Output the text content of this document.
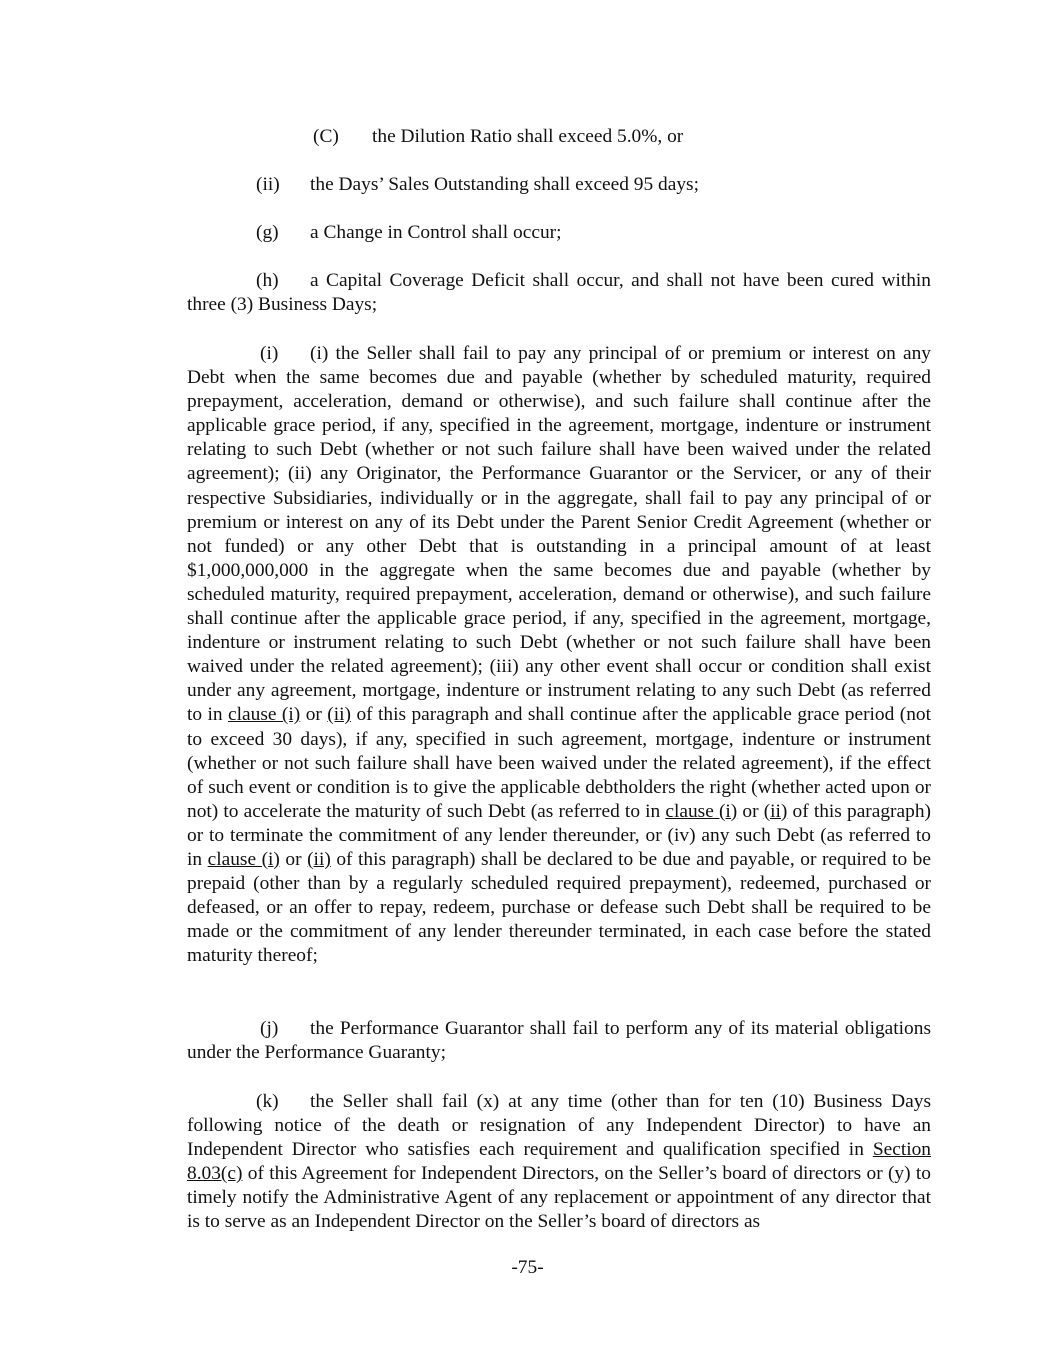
(C) the Dilution Ratio shall exceed 5.0%, or
(ii) the Days’ Sales Outstanding shall exceed 95 days;
(g) a Change in Control shall occur;

(h) a Capital Coverage Deficit shall occur, and shall not have been cured within three (3) Business Days;

(i) (i) the Seller shall fail to pay any principal of or premium or interest on any Debt when the same becomes due and payable (whether by scheduled maturity, required prepayment, acceleration, demand or otherwise), and such failure shall continue after the applicable grace period, if any, specified in the agreement, mortgage, indenture or instrument relating to such Debt (whether or not such failure shall have been waived under the related agreement); (ii) any Originator, the Performance Guarantor or the Servicer, or any of their respective Subsidiaries, individually or in the aggregate, shall fail to pay any principal of or premium or interest on any of its Debt under the Parent Senior Credit Agreement (whether or not funded) or any other Debt that is outstanding in a principal amount of at least $1,000,000,000 in the aggregate when the same becomes due and payable (whether by scheduled maturity, required prepayment, acceleration, demand or otherwise), and such failure shall continue after the applicable grace period, if any, specified in the agreement, mortgage, indenture or instrument relating to such Debt (whether or not such failure shall have been waived under the related agreement); (iii) any other event shall occur or condition shall exist under any agreement, mortgage, indenture or instrument relating to any such Debt (as referred to in clause (i) or (ii) of this paragraph and shall continue after the applicable grace period (not to exceed 30 days), if any, specified in such agreement, mortgage, indenture or instrument (whether or not such failure shall have been waived under the related agreement), if the effect of such event or condition is to give the applicable debtholders the right (whether acted upon or not) to accelerate the maturity of such Debt (as referred to in clause (i) or (ii) of this paragraph) or to terminate the commitment of any lender thereunder, or (iv) any such Debt (as referred to in clause (i) or (ii) of this paragraph) shall be declared to be due and payable, or required to be prepaid (other than by a regularly scheduled required prepayment), redeemed, purchased or defeased, or an offer to repay, redeem, purchase or defease such Debt shall be required to be made or the commitment of any lender thereunder terminated, in each case before the stated maturity thereof;

(j) the Performance Guarantor shall fail to perform any of its material obligations under the Performance Guaranty;

(k) the Seller shall fail (x) at any time (other than for ten (10) Business Days following notice of the death or resignation of any Independent Director) to have an Independent Director who satisfies each requirement and qualification specified in Section 8.03(c) of this Agreement for Independent Directors, on the Seller’s board of directors or (y) to timely notify the Administrative Agent of any replacement or appointment of any director that is to serve as an Independent Director on the Seller’s board of directors as

-75-
